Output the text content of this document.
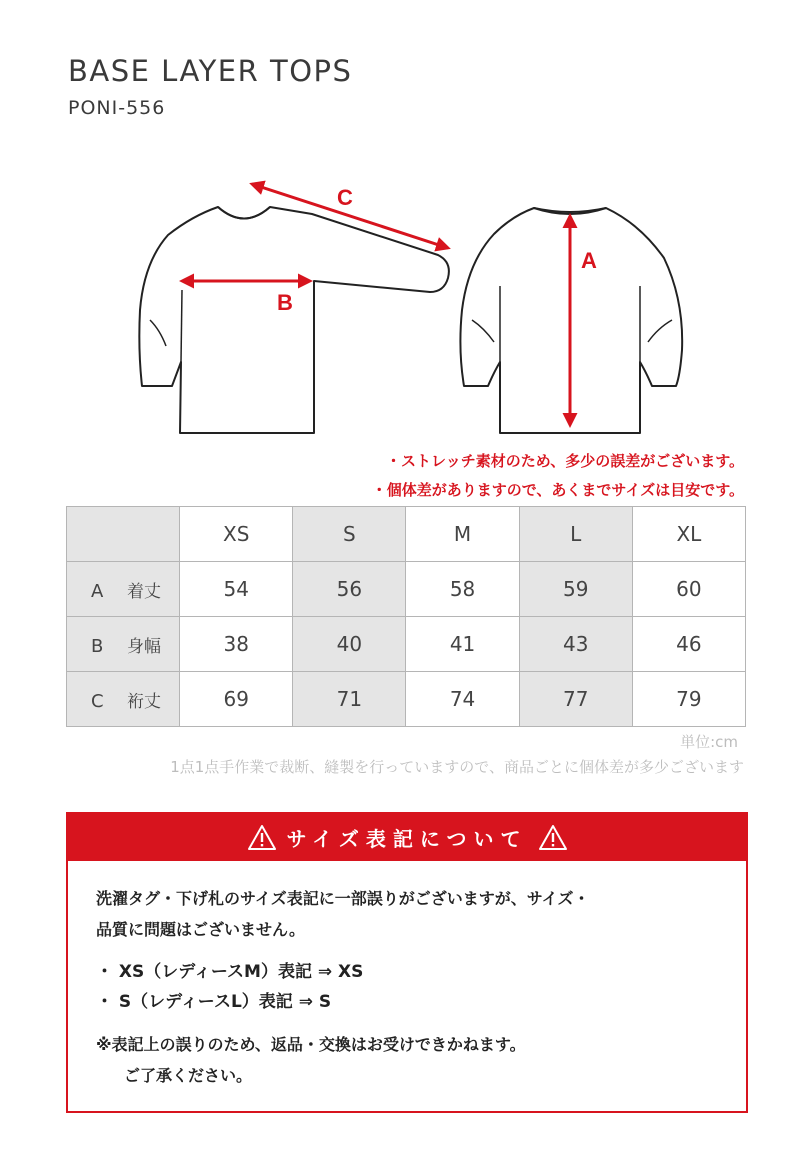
BASE LAYER TOPS
PONI-556
C
B
A
・ストレッチ素材のため、多少の誤差がございます。
・個体差がありますので、あくまでサイズは目安です。
	XS	S	M	L	XL
A 着丈	54	56	58	59	60
B 身幅	38	40	41	43	46
C 裄丈	69	71	74	77	79
単位:cm
1点1点手作業で裁断、縫製を行っていますので、商品ごとに個体差が多少ございます
サイズ表記について

洗濯タグ・下げ札のサイズ表記に一部誤りがございますが、サイズ・

品質に問題はございません。

・ XS（レディースM）表記 ⇒ XS
・ S（レディースL）表記 ⇒ S
※表記上の誤りのため、返品・交換はお受けできかねます。
ご了承ください。
